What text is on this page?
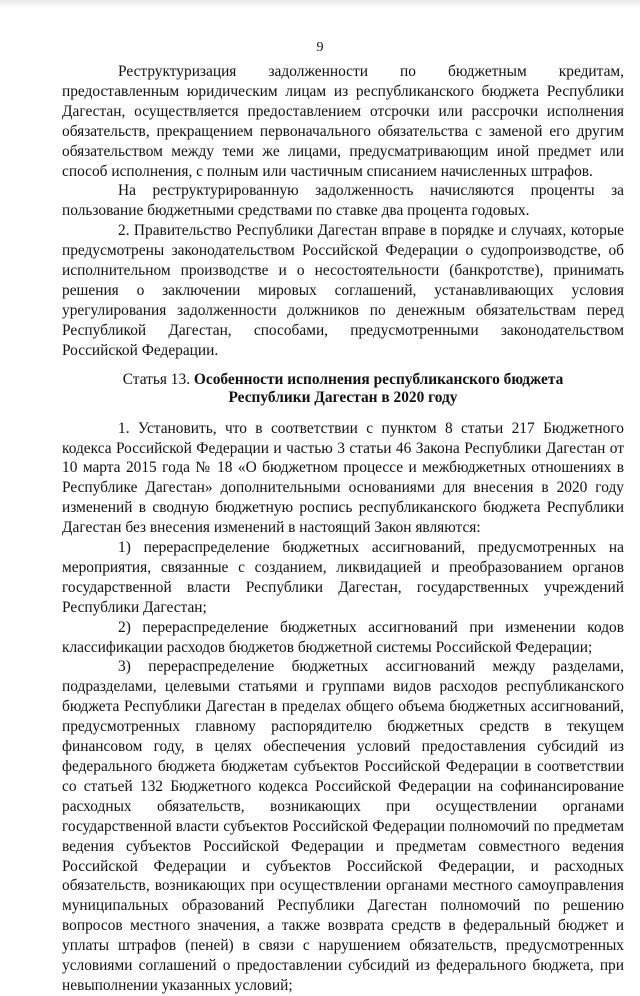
9

Реструктуризация задолженности по бюджетным кредитам, предоставленным юридическим лицам из республиканского бюджета Республики Дагестан, осуществляется предоставлением отсрочки или рассрочки исполнения обязательств, прекращением первоначального обязательства с заменой его другим обязательством между теми же лицами, предусматривающим иной предмет или способ исполнения, с полным или частичным списанием начисленных штрафов.

На реструктурированную задолженность начисляются проценты за пользование бюджетными средствами по ставке два процента годовых.

2. Правительство Республики Дагестан вправе в порядке и случаях, которые предусмотрены законодательством Российской Федерации о судопроизводстве, об исполнительном производстве и о несостоятельности (банкротстве), принимать решения о заключении мировых соглашений, устанавливающих условия урегулирования задолженности должников по денежным обязательствам перед Республикой Дагестан, способами, предусмотренными законодательством Российской Федерации.

Статья 13. Особенности исполнения республиканского бюджета
Республики Дагестан в 2020 году

1. Установить, что в соответствии с пунктом 8 статьи 217 Бюджетного кодекса Российской Федерации и частью 3 статьи 46 Закона Республики Дагестан от 10 марта 2015 года № 18 «О бюджетном процессе и межбюджетных отношениях в Республике Дагестан» дополнительными основаниями для внесения в 2020 году изменений в сводную бюджетную роспись республиканского бюджета Республики Дагестан без внесения изменений в настоящий Закон являются:

1) перераспределение бюджетных ассигнований, предусмотренных на мероприятия, связанные с созданием, ликвидацией и преобразованием органов государственной власти Республики Дагестан, государственных учреждений Республики Дагестан;

2) перераспределение бюджетных ассигнований при изменении кодов классификации расходов бюджетов бюджетной системы Российской Федерации;

3) перераспределение бюджетных ассигнований между разделами, подразделами, целевыми статьями и группами видов расходов республиканского бюджета Республики Дагестан в пределах общего объема бюджетных ассигнований, предусмотренных главному распорядителю бюджетных средств в текущем финансовом году, в целях обеспечения условий предоставления субсидий из федерального бюджета бюджетам субъектов Российской Федерации в соответствии со статьей 132 Бюджетного кодекса Российской Федерации на софинансирование расходных обязательств, возникающих при осуществлении органами государственной власти субъектов Российской Федерации полномочий по предметам ведения субъектов Российской Федерации и предметам совместного ведения Российской Федерации и субъектов Российской Федерации, и расходных обязательств, возникающих при осуществлении органами местного самоуправления муниципальных образований Республики Дагестан полномочий по решению вопросов местного значения, а также возврата средств в федеральный бюджет и уплаты штрафов (пеней) в связи с нарушением обязательств, предусмотренных условиями соглашений о предоставлении субсидий из федерального бюджета, при невыполнении указанных условий;
